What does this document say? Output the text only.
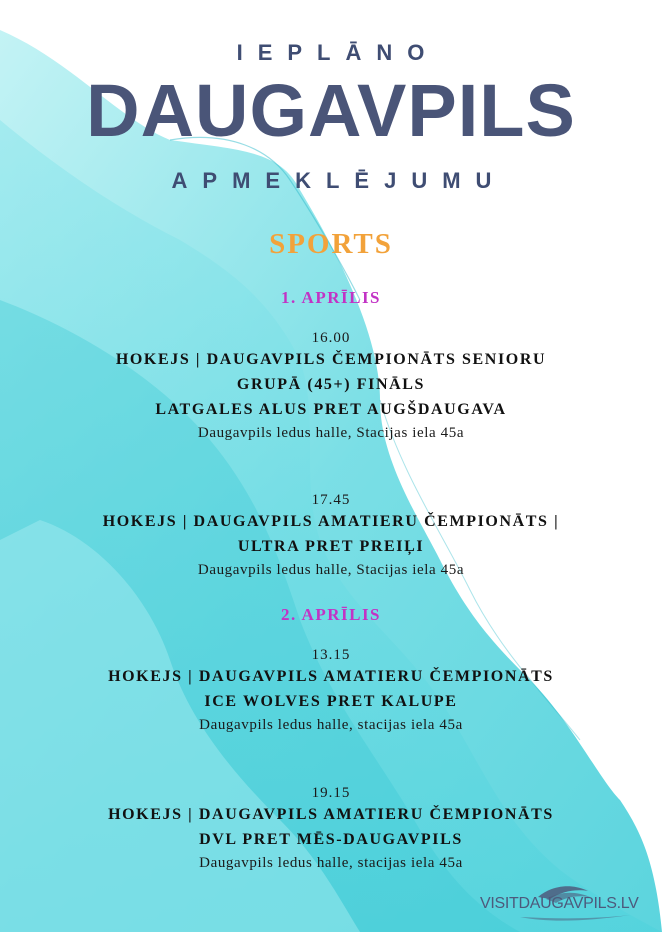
IEPLĀNO
DAUGAVPILS
APMEKLĒJUMU
SPORTS
1. APRĪLIS
16.00
HOKEJS | DAUGAVPILS ČEMPIONĀTS SENIORU
GRUPĀ (45+) FINĀLS
LATGALES ALUS PRET AUGŠDAUGAVA
Daugavpils ledus halle, Stacijas iela 45a
17.45
HOKEJS | DAUGAVPILS AMATIERU ČEMPIONĀTS |
ULTRA PRET PREIĻI
Daugavpils ledus halle, Stacijas iela 45a
2. APRĪLIS
13.15
HOKEJS | DAUGAVPILS AMATIERU ČEMPIONĀTS
ICE WOLVES PRET KALUPE
Daugavpils ledus halle, stacijas iela 45a
19.15
HOKEJS | DAUGAVPILS AMATIERU ČEMPIONĀTS
DVL PRET MĒS-DAUGAVPILS
Daugavpils ledus halle, stacijas iela 45a
VISITDAUGAVPILS.LV
